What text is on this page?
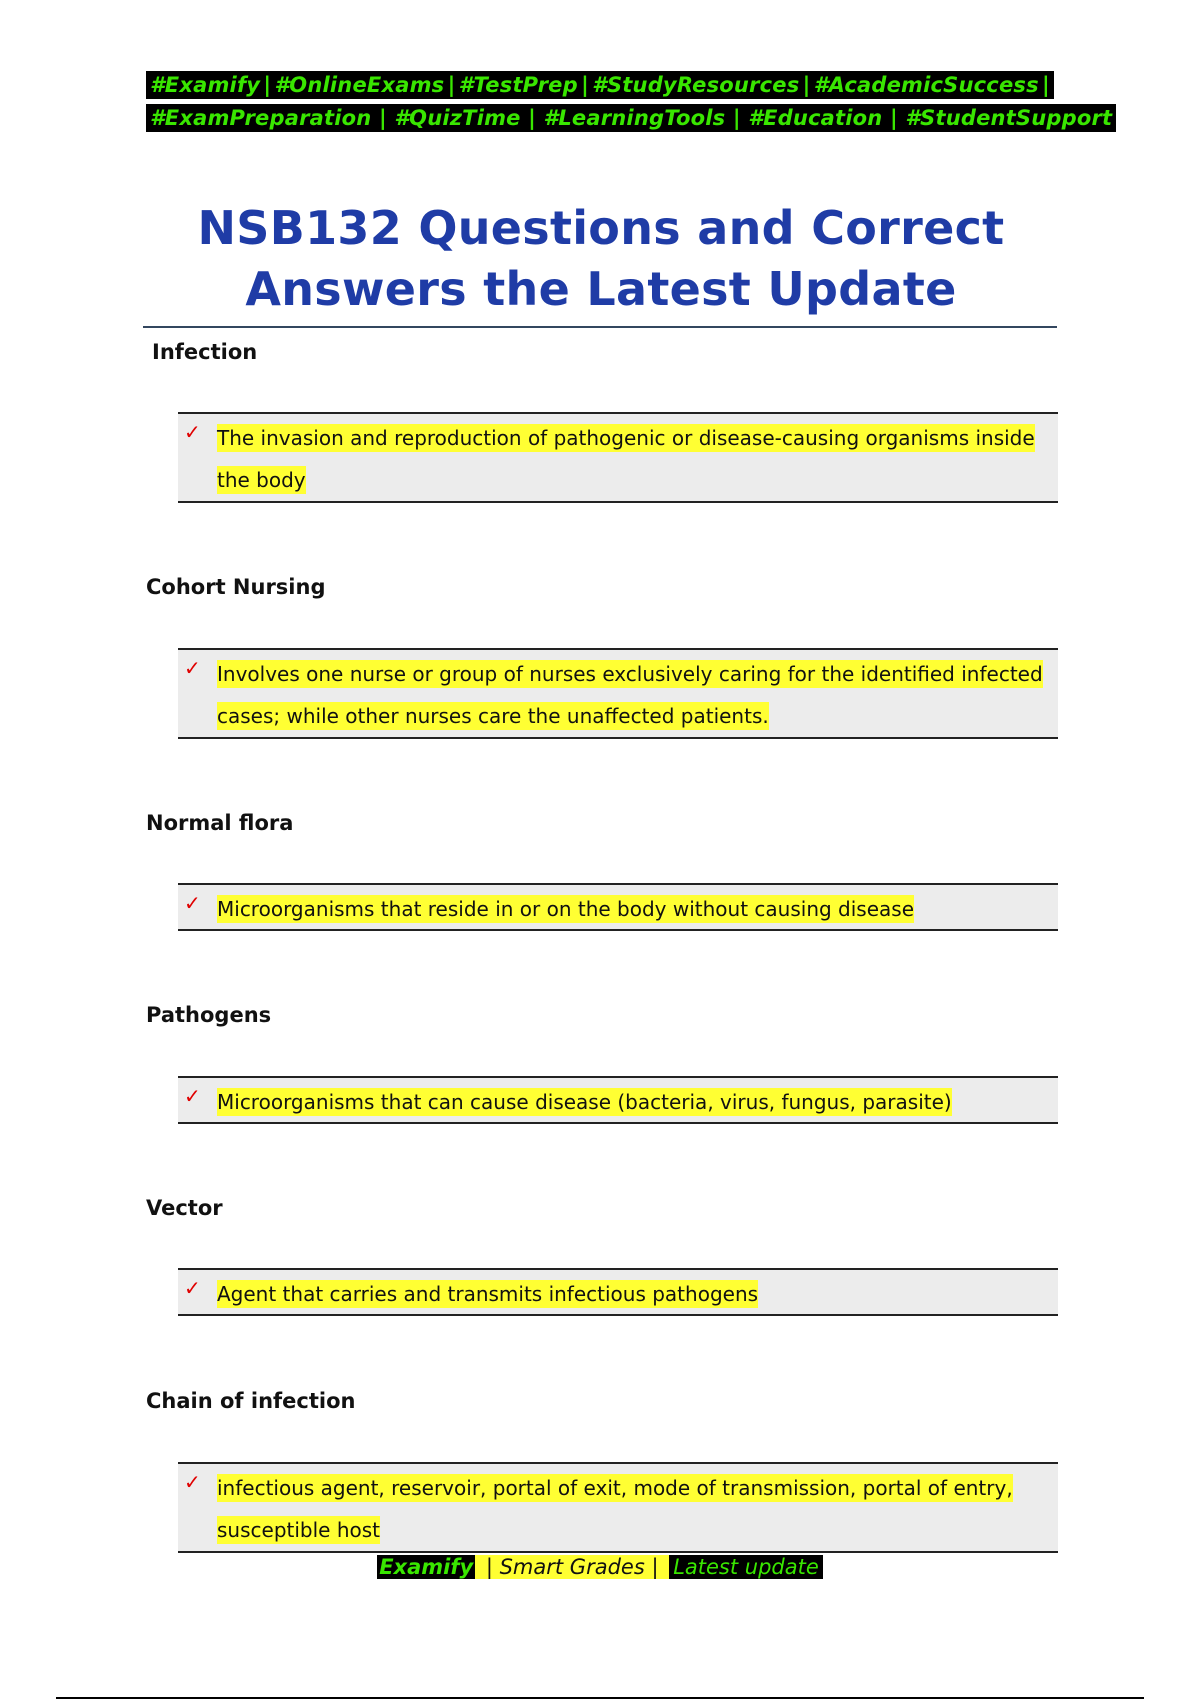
#Examify | #OnlineExams | #TestPrep | #StudyResources | #AcademicSuccess |
#ExamPreparation | #QuizTime | #LearningTools | #Education | #StudentSupport
NSB132 Questions and Correct
Answers the Latest Update
Infection
✓ The invasion and reproduction of pathogenic or disease-causing organisms inside the body
Cohort Nursing
✓ Involves one nurse or group of nurses exclusively caring for the identified infected cases; while other nurses care the unaffected patients.
Normal flora
✓ Microorganisms that reside in or on the body without causing disease
Pathogens
✓ Microorganisms that can cause disease (bacteria, virus, fungus, parasite)
Vector
✓ Agent that carries and transmits infectious pathogens
Chain of infection
✓ infectious agent, reservoir, portal of exit, mode of transmission, portal of entry, susceptible host
Examify | Smart Grades | Latest update
